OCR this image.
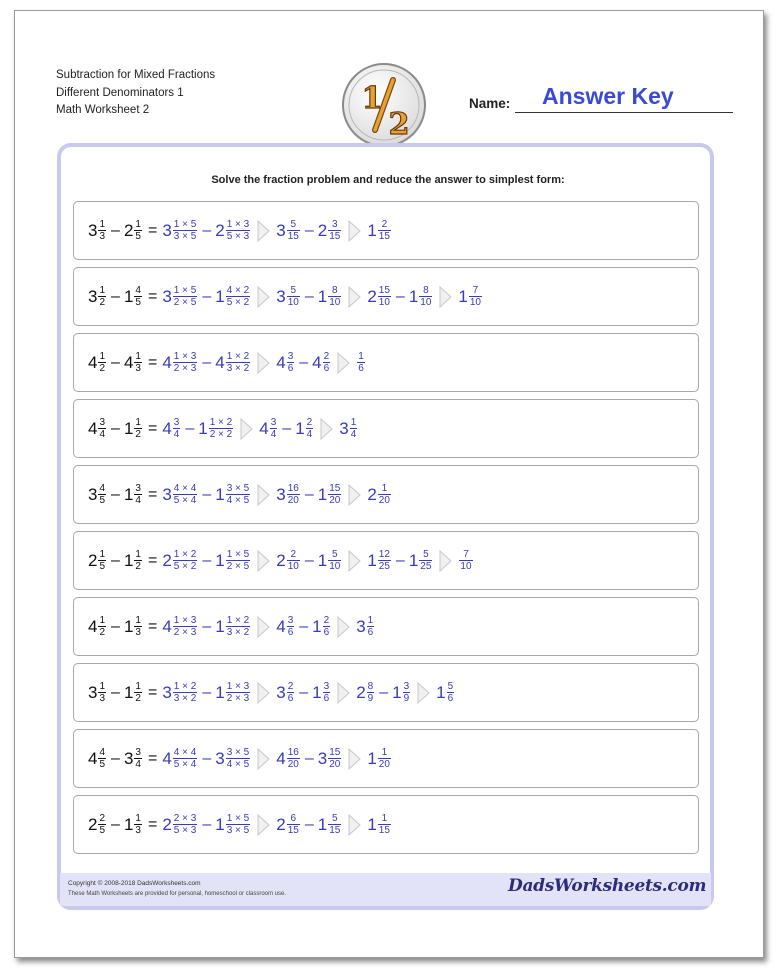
Subtraction for Mixed Fractions
Different Denominators 1
Math Worksheet 2	1
2
Name: Answer Key
Solve the fraction problem and reduce the answer to simplest form:
$3 \frac{1}{3} - 2 \frac{1}{5} = 3 \frac{1 \times 5}{3 \times 5} - 2 \frac{1 \times 3}{5 \times 3} 3 \frac{5}{15} - 2 \frac{3}{15} 1 \frac{2}{15}$
$3 \frac{1}{2} - 1 \frac{4}{5} = 3 \frac{1 \times 5}{2 \times 5} - 1 \frac{4 \times 2}{5 \times 2} 3 \frac{5}{10} - 1 \frac{8}{10} 2 \frac{15}{10} - 1 \frac{8}{10} 1 \frac{7}{10}$
$4 \frac{1}{2} - 4 \frac{1}{3} = 4 \frac{1 \times 3}{2 \times 3} - 4 \frac{1 \times 2}{3 \times 2} 4 \frac{3}{6} - 4 \frac{2}{6}$	$\frac{1}{6}$
$4 \frac{3}{4} - 1 \frac{1}{2} = 4 \frac{3}{4} - 1 \frac{1 \times 2}{2 \times 2} 4 \frac{3}{4} - 1 \frac{2}{4} 3 \frac{1}{4}$
$3 \frac{4}{5} - 1 \frac{3}{4} = 3 \frac{4 \times 4}{5 \times 4} - 1 \frac{3 \times 5}{4 \times 5} 3 \frac{16}{20} - 1 \frac{15}{20} 2 \frac{1}{20}$
$2 \frac{1}{5} - 1 \frac{1}{2} = 2 \frac{1 \times 2}{5 \times 2} - 1 \frac{1 \times 5}{2 \times 5} 2 \frac{2}{10} - 1 \frac{5}{10} 1 \frac{12}{25} - 1 \frac{5}{25}$	$\frac{7}{10}$
$4 \frac{1}{2} - 1 \frac{1}{3} = 4 \frac{1 \times 3}{2 \times 3} - 1 \frac{1 \times 2}{3 \times 2} 4 \frac{3}{6} - 1 \frac{2}{6} 3 \frac{1}{6}$
$3 \frac{1}{3} - 1 \frac{1}{2} = 3 \frac{1 \times 2}{3 \times 2} - 1 \frac{1 \times 3}{2 \times 3} 3 \frac{2}{6} - 1 \frac{3}{6} 2 \frac{8}{9} - 1 \frac{3}{9} 1 \frac{5}{6}$
$4 \frac{4}{5} - 3 \frac{3}{4} = 4 \frac{4 \times 4}{5 \times 4} - 3 \frac{3 \times 5}{4 \times 5} 4 \frac{16}{20} - 3 \frac{15}{20} 1 \frac{1}{20}$
$2 \frac{2}{5} - 1 \frac{1}{3} = 2 \frac{2 \times 3}{5 \times 3} - 1 \frac{1 \times 5}{3 \times 5} 2 \frac{6}{15} - 1 \frac{5}{15} 1 \frac{1}{15}$
Copyright © 2008-2018 DadsWorksheets.com
These Math Worksheets are provided for personal, homeschool or classroom use.	DadsWorksheets.com
